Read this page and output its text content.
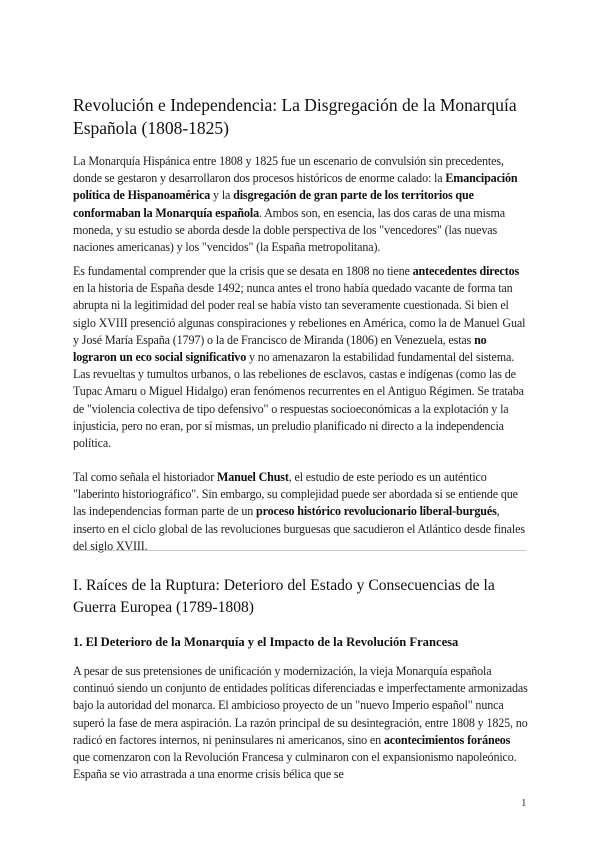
Revolución e Independencia: La Disgregación de la Monarquía Española (1808-1825)

La Monarquía Hispánica entre 1808 y 1825 fue un escenario de convulsión sin precedentes, donde se gestaron y desarrollaron dos procesos históricos de enorme calado: la Emancipación política de Hispanoamérica y la disgregación de gran parte de los territorios que conformaban la Monarquía española. Ambos son, en esencia, las dos caras de una misma moneda, y su estudio se aborda desde la doble perspectiva de los "vencedores" (las nuevas naciones americanas) y los "vencidos" (la España metropolitana).

Es fundamental comprender que la crisis que se desata en 1808 no tiene antecedentes directos en la historia de España desde 1492; nunca antes el trono había quedado vacante de forma tan abrupta ni la legitimidad del poder real se había visto tan severamente cuestionada. Si bien el siglo XVIII presenció algunas conspiraciones y rebeliones en América, como la de Manuel Gual y José María España (1797) o la de Francisco de Miranda (1806) en Venezuela, estas no lograron un eco social significativo y no amenazaron la estabilidad fundamental del sistema. Las revueltas y tumultos urbanos, o las rebeliones de esclavos, castas e indígenas (como las de Tupac Amaru o Miguel Hidalgo) eran fenómenos recurrentes en el Antiguo Régimen. Se trataba de "violencia colectiva de tipo defensivo" o respuestas socioeconómicas a la explotación y la injusticia, pero no eran, por sí mismas, un preludio planificado ni directo a la independencia política.

Tal como señala el historiador Manuel Chust, el estudio de este periodo es un auténtico "laberinto historiográfico". Sin embargo, su complejidad puede ser abordada si se entiende que las independencias forman parte de un proceso histórico revolucionario liberal-burgués, inserto en el ciclo global de las revoluciones burguesas que sacudieron el Atlántico desde finales del siglo XVIII.

I. Raíces de la Ruptura: Deterioro del Estado y Consecuencias de la Guerra Europea (1789-1808)
1. El Deterioro de la Monarquía y el Impacto de la Revolución Francesa

A pesar de sus pretensiones de unificación y modernización, la vieja Monarquía española continuó siendo un conjunto de entidades políticas diferenciadas e imperfectamente armonizadas bajo la autoridad del monarca. El ambicioso proyecto de un "nuevo Imperio español" nunca superó la fase de mera aspiración. La razón principal de su desintegración, entre 1808 y 1825, no radicó en factores internos, ni peninsulares ni americanos, sino en acontecimientos foráneos que comenzaron con la Revolución Francesa y culminaron con el expansionismo napoleónico. España se vio arrastrada a una enorme crisis bélica que se

1
